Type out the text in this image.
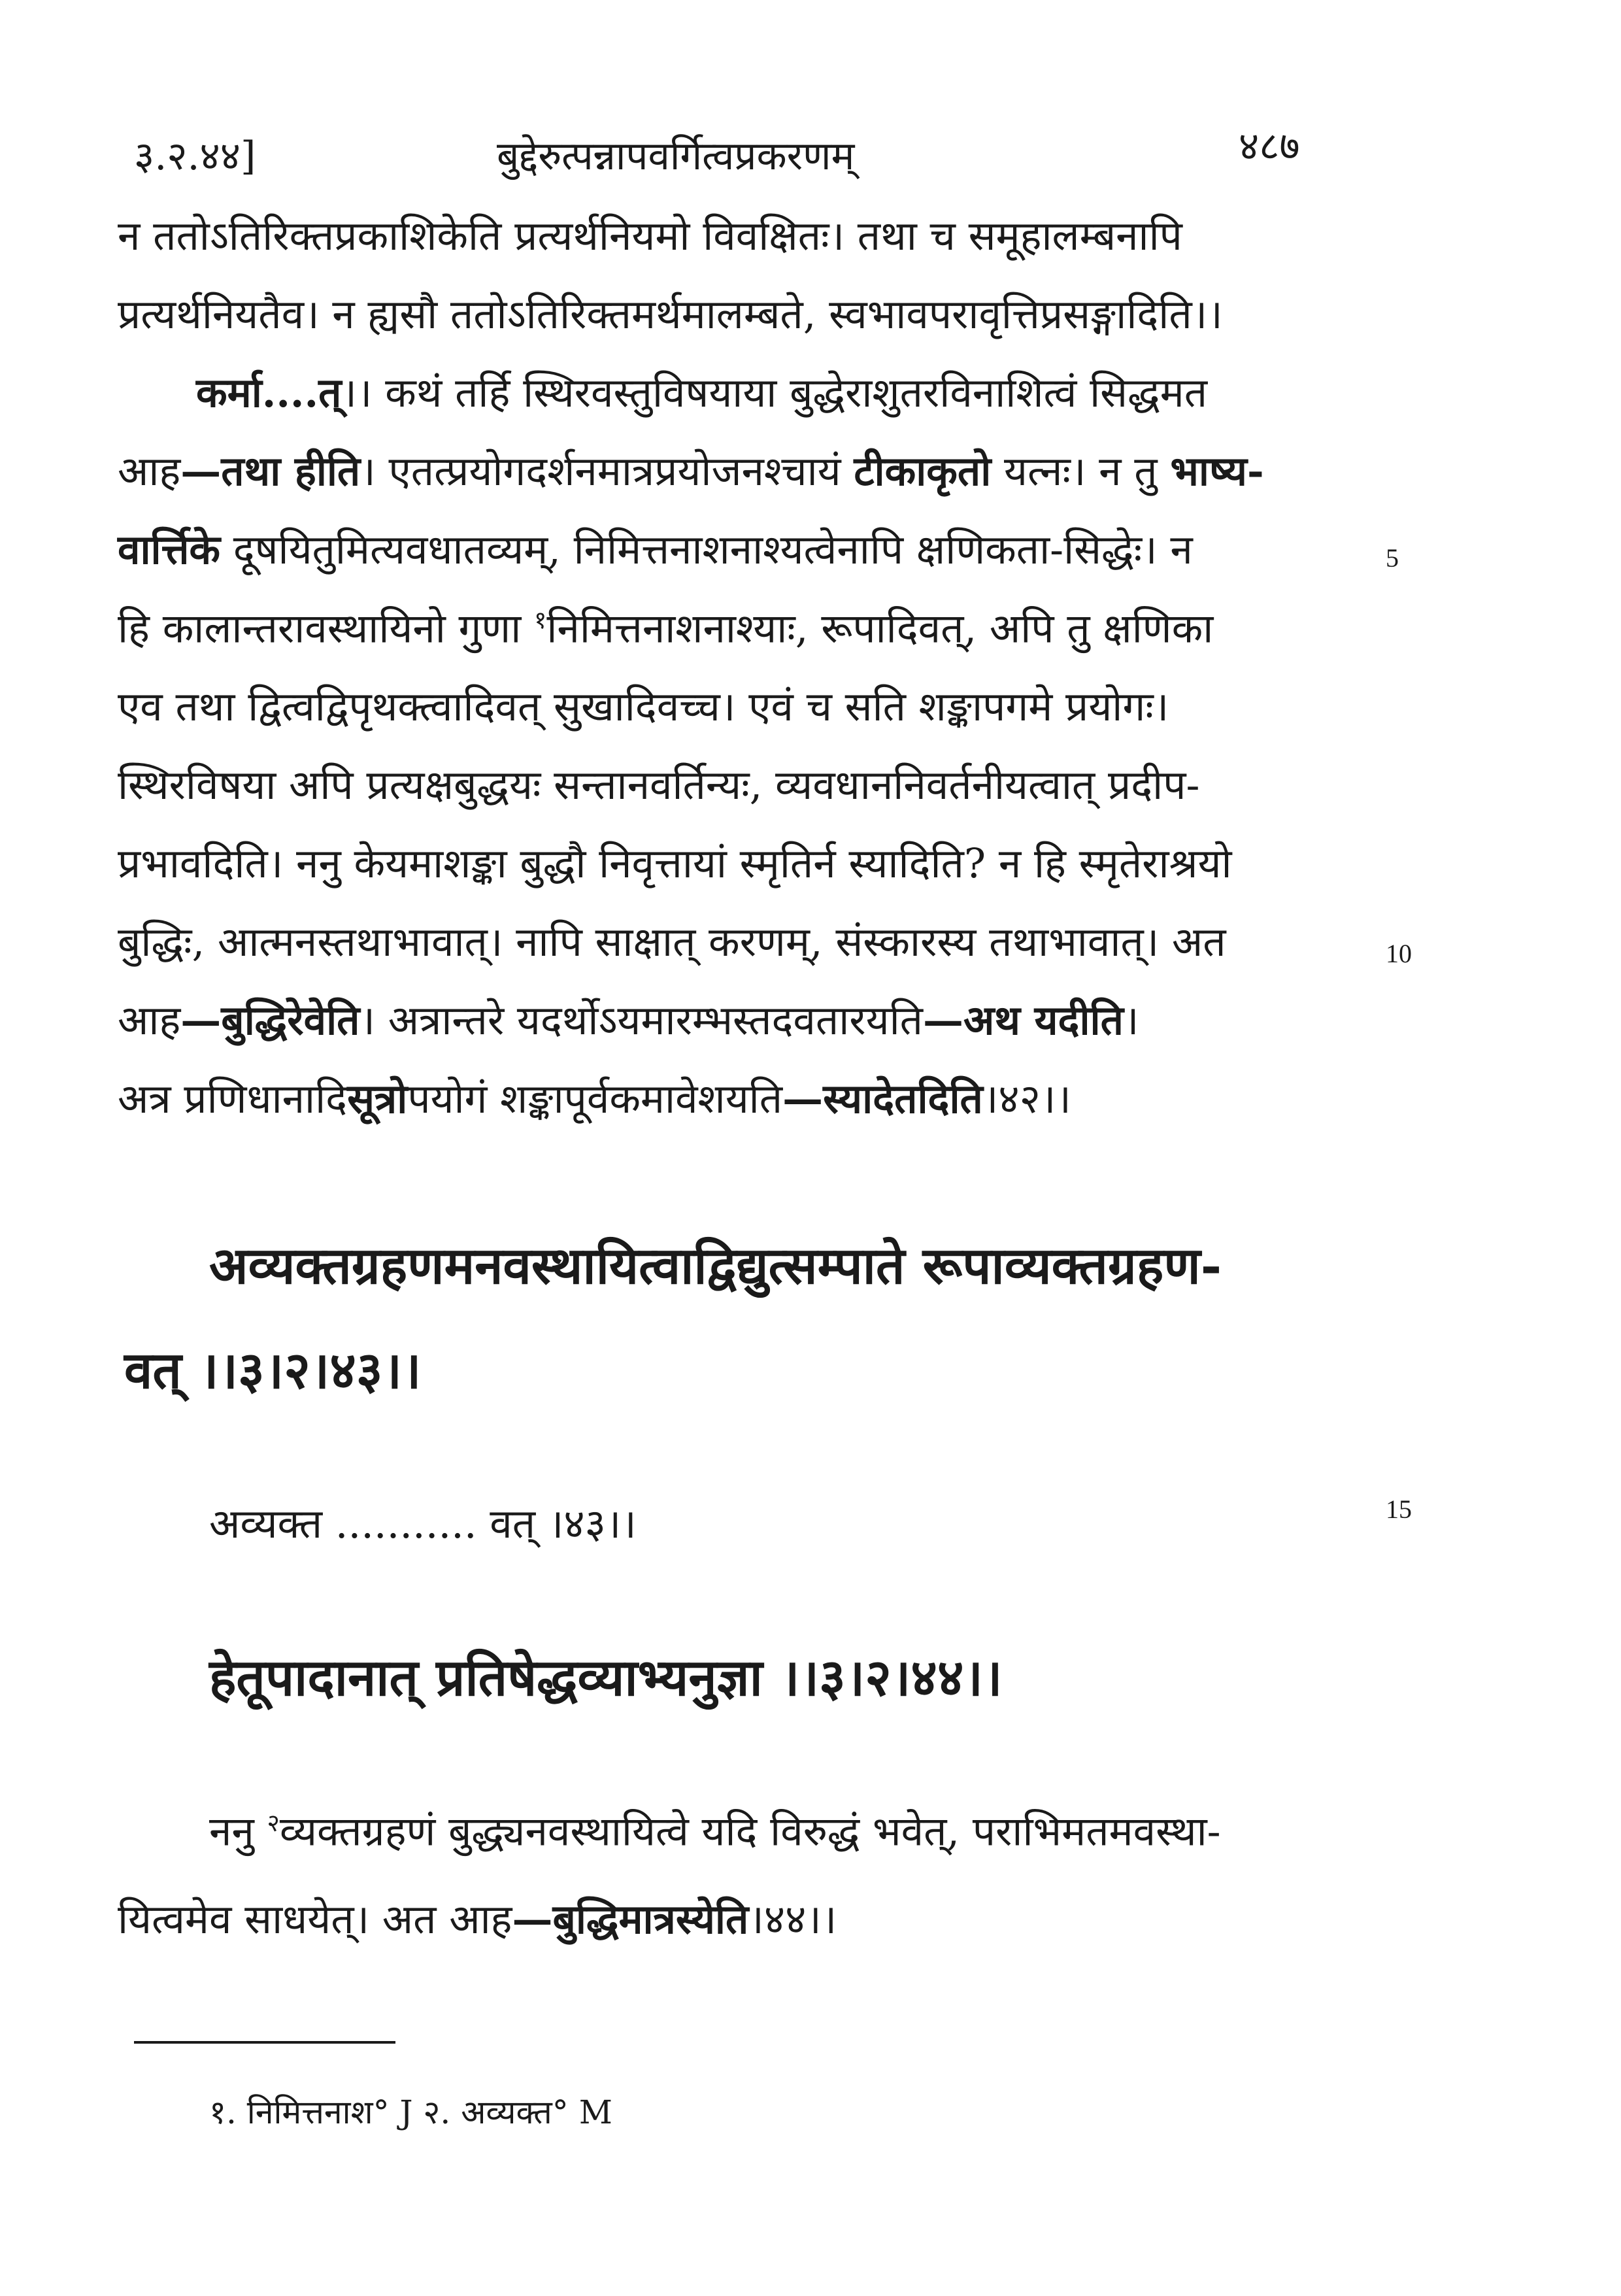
३.२.४४]	बुद्देरुत्पन्नापवर्गित्वप्रकरणम्	४८७
न ततोऽतिरिक्तप्रकाशिकेति प्रत्यर्थनियमो विवक्षितः। तथा च समूहालम्बनापि
प्रत्यर्थनियतैव। न ह्यसौ ततोऽतिरिक्तमर्थमालम्बते, स्वभावपरावृत्तिप्रसङ्गादिति।।
कर्मा....त्।। कथं तर्हि स्थिरवस्तुविषयाया बुद्धेराशुतरविनाशित्वं सिद्धमत
आह—तथा हीति। एतत्प्रयोगदर्शनमात्रप्रयोजनश्चायं टीकाकृतो यत्नः। न तु भाष्य-
वार्त्तिके दूषयितुमित्यवधातव्यम्, निमित्तनाशनाश्यत्वेनापि क्षणिकता-सिद्धेः। न
हि कालान्तरावस्थायिनो गुणा $^१$निमित्तनाशनाश्याः, रूपादिवत्, अपि तु क्षणिका
एव तथा द्वित्वद्विपृथक्त्वादिवत् सुखादिवच्च। एवं च सति शङ्कापगमे प्रयोगः।
स्थिरविषया अपि प्रत्यक्षबुद्धयः सन्तानवर्तिन्यः, व्यवधाननिवर्तनीयत्वात् प्रदीप-
प्रभावदिति। ननु केयमाशङ्का बुद्धौ निवृत्तायां स्मृतिर्न स्यादिति? न हि स्मृतेराश्रयो
बुद्धिः, आत्मनस्तथाभावात्। नापि साक्षात् करणम्, संस्कारस्य तथाभावात्। अत
आह—बुद्धिरेवेति। अत्रान्तरे यदर्थोऽयमारम्भस्तदवतारयति—अथ यदीति।
अत्र प्रणिधानादिसूत्रोपयोगं शङ्कापूर्वकमावेशयति—स्यादेतदिति।४२।।
5
10
15
अव्यक्तग्रहणमनवस्थायित्वाद्विद्युत्सम्पाते रूपाव्यक्तग्रहण-
वत् ।।३।२।४३।।
अव्यक्त ........... वत् ।४३।।
हेतूपादानात् प्रतिषेद्धव्याभ्यनुज्ञा ।।३।२।४४।।
ननु $^२$व्यक्तग्रहणं बुद्ध्यनवस्थायित्वे यदि विरुद्धं भवेत्, पराभिमतमवस्था-
यित्वमेव साधयेत्। अत आह—बुद्धिमात्रस्येति।४४।।
१. निमित्तनाश° J २. अव्यक्त° M
